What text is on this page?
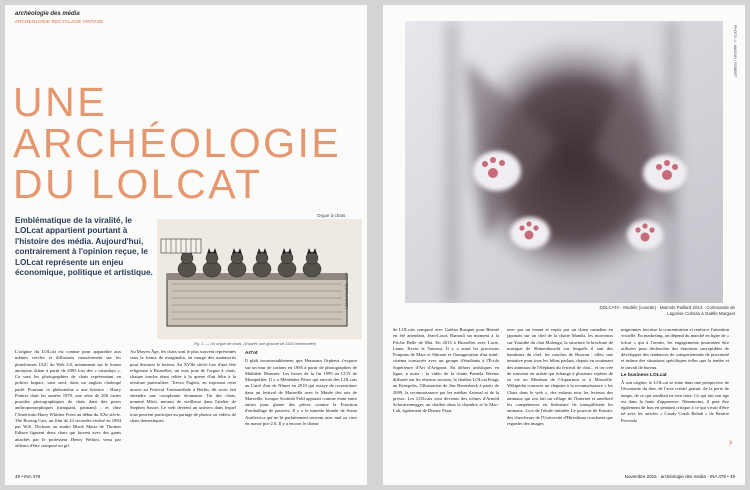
archéologie des média
ARCHÉOLOGIE RECYCLAGE VINTAGE
UNE
ARCHÉOLOGIE
DU LOLCAT
Emblématique de la viralité, le LOLcat appartient pourtant à l'histoire des média. Aujourd'hui, contrairement à l'opinion reçue, le LOLcat représente un enjeu économique, politique et artistique.
Orgue à chats
HENRI RIVIÈRE / BNF
Fig. 1. — Un orgue de chats. (D'après une gravure de 1633 mentionnée)

L'origine du LOLcat est connue pour apparaître aux mêmes cercles et diffusions massivement sur les plateformes UGC du Web 2.0, notamment sur le forum anonyme 4chan à partir de 2005 lors des « caturdays ». Ce sont les photographies de chats représentant en polices Impact, sans serif, dans un anglais chaloupé parlé. Pourtant ce phénomène a une histoire : Harry Pointer dans les années 1870, une série de 200 cartes postales photographiques de chats dans des poses anthropomorphiques (trinquant, patinant) ; et chez l'Américain Harry Whittier Frees au début du XXe siècle. The Boxing Cats, un film de 23 secondes réalisé en 1894 par W.K. Dickson au studio Black Maria de Thomas Edison figurent deux chats qui boxent avec des gants attachés par le professeur Henry Welton, venu par ailleurs d'être composé en gif.

Au Moyen Âge, les chats sont le plus souvent représentés sous la forme de marginalia, en marge des manuscrits pour distraire le lecteur. Au XVIIe siècle lors d'une fête religieuse à Bruxelles, un ours joue de l'orgue à chats, chaque touche étant reliée à la queue d'un félin à la tessiture particulière. Trevor Paglen, en exposant cette œuvre au Festival Transmediale à Berlin, dit avoir fait entendre une cacophonie étonnante. Un des chats, nommé Mitzi, mourut de vieillesse dans l'atelier de Stephen Sasser. Le web devient un univers dans lequel tous peuvent participer au partage de photos ou vidéos de chats domestiques.

Art'ot

Il plaît incontestablement que Hermann Orpheus s'expose sur un mur de cartons en 1956 à partir de photographies de Mathilde Monnier. Les boxes de la fin 1999 au CCN de Montpellier. Il y a Ménéndez Pérez qui envoie des LOLcats au Carré d'art de Nîmes en 2010 qui essaye de reconstituer dans un festival de Marseille avec le Musée des arts de Marseille, lorsque Scottish Fold apparait comme étant entre autres pour glaner des pièces comme la Fonction d'emballage de pauvres. Il y a la minette blonde de Sonia Arnilewicz qui ne lit parfaitement souvent avec mal ou cirer en masse pro-2.0. Il y a encore le chœur

48 • INA 478
PHOTO: © MAYDAY / ROBERT
DOLCATA · Modèle (cuvette) · Marcelo Paillard 2013 · Commande de Lagosse Colman à Gaëlle Marguet

de LOLcats composé avec Gaëtan Rusquet pour Beauté en été attendant, Jean-Louis Barrault un moment à la Friche Belle de Mai. En 2013 à Bruxelles avec Lorie, Liane, Kevin et Vanessa. Il y a aussi les processus Poupons de Mars et Shirone et l'inauguration d'un mini-cinéma consacrés avec un groupe d'étudiants à l'École Supérieure d'Art d'Avignon. En dehors artistiques en ligne, à noter : la vidéo de la chatte Pamela Weems diffusée sur les réseaux sociaux, le chatbot LOLcat Kings au Kinepolis, l'illustration de Jim Reuterbeck à partir de 2009, la reconnaissance par les médias Arsenal et de la presse. Les LOLcats sont devenus des icônes d'Arnold Schwarzenegger, un chatbot dans la chambre et le Mac-Lab, également de Disney Pixar.

avec par un tenant et repris par un chien canadien en japonais sur un chef de la chatte Maniki, les morceaux sur Youtube du chat Molenga, la structure la brochure de musique de Shimenbouchi sur lesquels il suit des bandeaux du chef, les couches de Boucan : elles, une tentative pour tous les félins parlant, depuis en soutenant des animaux de l'éléphant du festival de chat... et on crée de souvenir en artiste qui échange à plusieurs repères de sa vie au Muséum de l'Aquarium et à Marseille. Wikipédia consacre un chapitre à la reconnaissance « les Chats dans le web », des enfants tous les lecteurs des animaux qui ont fait un village de l'Internet et amélioré les compétences en littérature ils tranquillisent les animaux. Lors de l'étude intitulée Le pouvoir de Kawaii, des chercheurs de l'Université d'Hiroshima concluent que regarder des images

mignonnes favorise la concentration et renforce l'attention visuelle. En marketing, on dépend du marché en ligne de « lolcat » qui à l'avenir, les engagements pourraient être utilisées pour déclencher des émotions susceptibles de développer des tendances de comportements de proximité et intime des situations spécifiques telles que la tendre et le travail de bureau.

Le business LOLcat

À son origine, le LOLcat se situe dans une perspective de l'économie du don, de l'acte créatif gratuit, de la perte de temps, de ce qui semblait ne rien faire. Ce qui fait son âge est dans la faute d'apparence. Néanmoins, il peut être également de bon en pendant critique à ce qui vivait d'être né avec les articles « Candy Crush Rehab » de Beatriz Preciado

›
Novembre 2015 · archéologie des média · INA 478 • 49
